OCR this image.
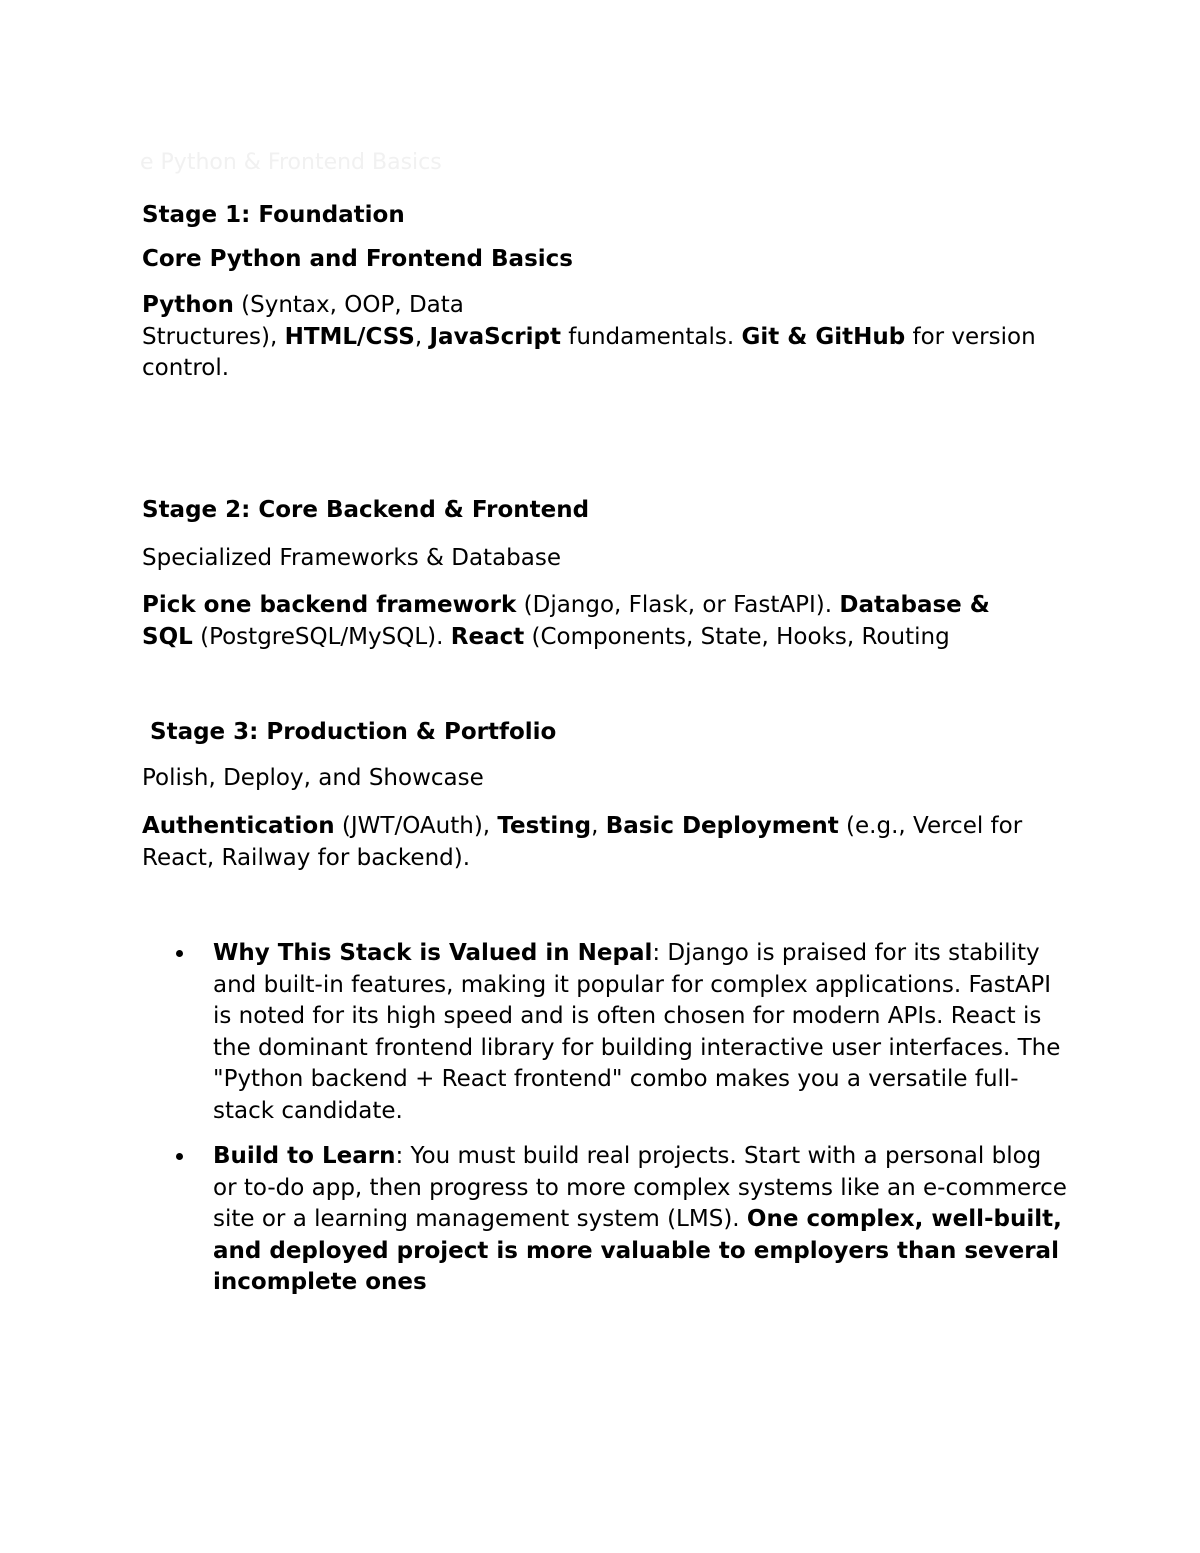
e Python & Frontend Basics
Stage 1: Foundation
Core Python and Frontend Basics
Python (Syntax, OOP, Data
Structures), HTML/CSS, JavaScript fundamentals. Git & GitHub for version control.
Stage 2: Core Backend & Frontend
Specialized Frameworks & Database
Pick one backend framework (Django, Flask, or FastAPI). Database & SQL (PostgreSQL/MySQL). React (Components, State, Hooks, Routing
Stage 3: Production & Portfolio
Polish, Deploy, and Showcase
Authentication (JWT/OAuth), Testing, Basic Deployment (e.g., Vercel for React, Railway for backend).
Why This Stack is Valued in Nepal: Django is praised for its stability and built-in features, making it popular for complex applications. FastAPI is noted for its high speed and is often chosen for modern APIs. React is the dominant frontend library for building interactive user interfaces. The "Python backend + React frontend" combo makes you a versatile full-stack candidate.
Build to Learn: You must build real projects. Start with a personal blog or to-do app, then progress to more complex systems like an e-commerce site or a learning management system (LMS). One complex, well-built, and deployed project is more valuable to employers than several incomplete ones
